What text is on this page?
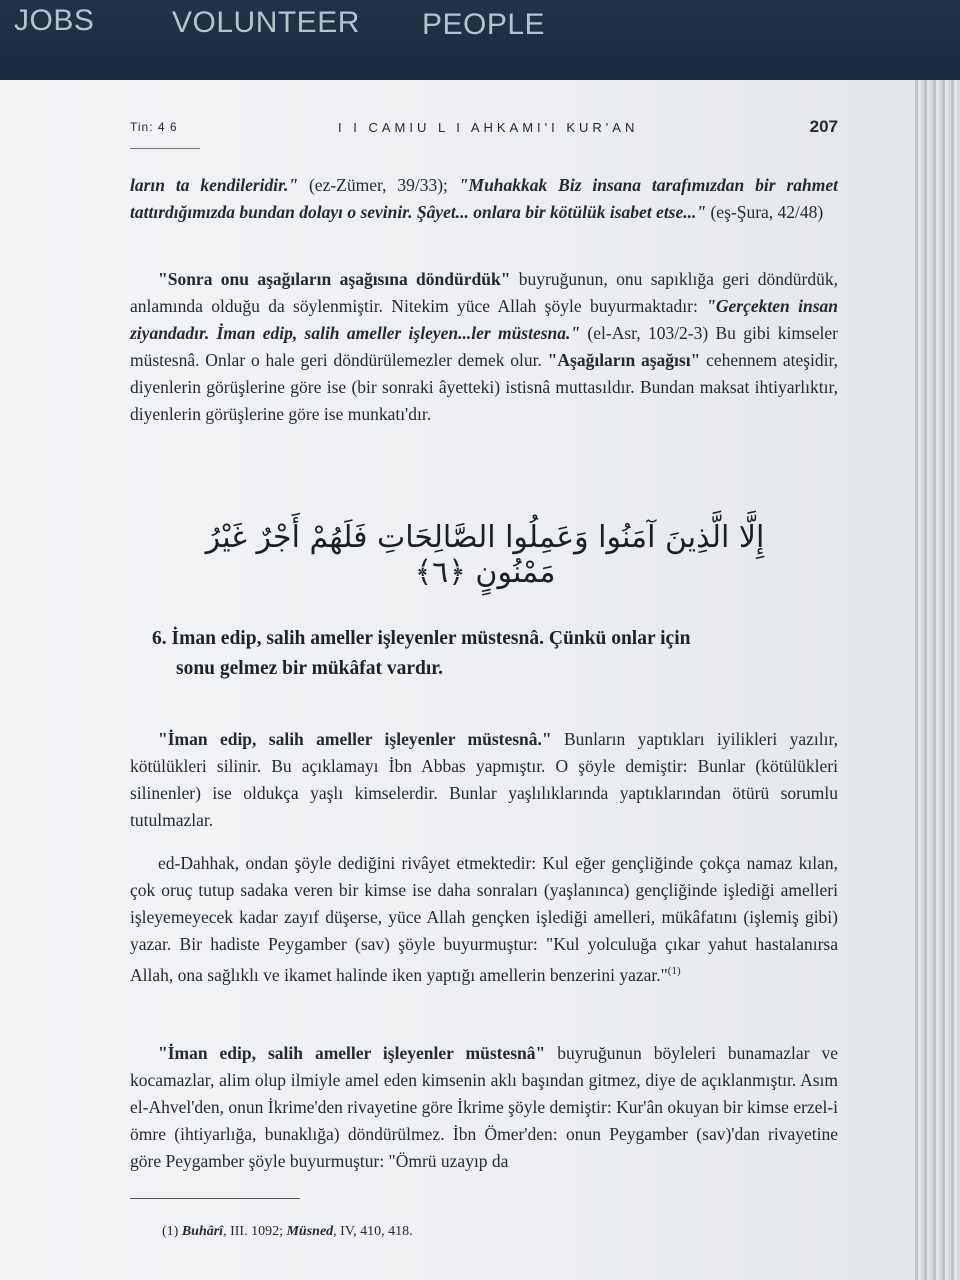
JOBS	VOLUNTEER PEOPLE
Tin: 4 6	I I CAMIU L I AHKAMI'I KUR'AN	207

ların ta kendileridir." (ez-Zümer, 39/33); "Muhakkak Biz insana tarafımızdan bir rahmet tattırdığımızda bundan dolayı o sevinir. Şâyet... onlara bir kötülük isabet etse..." (eş-Şura, 42/48)

"Sonra onu aşağıların aşağısına döndürdük" buyruğunun, onu sapıklığa geri döndürdük, anlamında olduğu da söylenmiştir. Nitekim yüce Allah şöyle buyurmaktadır: "Gerçekten insan ziyandadır. İman edip, salih ameller işleyen...ler müstesna." (el-Asr, 103/2-3) Bu gibi kimseler müstesnâ. Onlar o hale geri döndürülemezler demek olur. "Aşağıların aşağısı" cehennem ateşidir, diyenlerin görüşlerine göre ise (bir sonraki âyetteki) istisnâ muttasıldır. Bundan maksat ihtiyarlıktır, diyenlerin görüşlerine göre ise munkatı'dır.

إِلَّا الَّذِينَ آمَنُوا وَعَمِلُوا الصَّالِحَاتِ فَلَهُمْ أَجْرٌ غَيْرُ مَمْنُونٍ ﴿٦﴾
6. İman edip, salih ameller işleyenler müstesnâ. Çünkü onlar için
sonu gelmez bir mükâfat vardır.

"İman edip, salih ameller işleyenler müstesnâ." Bunların yaptıkları iyilikleri yazılır, kötülükleri silinir. Bu açıklamayı İbn Abbas yapmıştır. O şöyle demiştir: Bunlar (kötülükleri silinenler) ise oldukça yaşlı kimselerdir. Bunlar yaşlılıklarında yaptıklarından ötürü sorumlu tutulmazlar.

ed-Dahhak, ondan şöyle dediğini rivâyet etmektedir: Kul eğer gençliğinde çokça namaz kılan, çok oruç tutup sadaka veren bir kimse ise daha sonraları (yaşlanınca) gençliğinde işlediği amelleri işleyemeyecek kadar zayıf düşerse, yüce Allah gençken işlediği amelleri, mükâfatını (işlemiş gibi) yazar. Bir hadiste Peygamber (sav) şöyle buyurmuştur: "Kul yolculuğa çıkar yahut hastalanırsa Allah, ona sağlıklı ve ikamet halinde iken yaptığı amellerin benzerini yazar."$^{(1)}$

"İman edip, salih ameller işleyenler müstesnâ" buyruğunun böyleleri bunamazlar ve kocamazlar, alim olup ilmiyle amel eden kimsenin aklı başından gitmez, diye de açıklanmıştır. Asım el-Ahvel'den, onun İkrime'den rivayetine göre İkrime şöyle demiştir: Kur'ân okuyan bir kimse erzel-i ömre (ihtiyarlığa, bunaklığa) döndürülmez. İbn Ömer'den: onun Peygamber (sav)'dan rivayetine göre Peygamber şöyle buyurmuştur: "Ömrü uzayıp da

(1) Buhârî, III. 1092; Müsned, IV, 410, 418.
